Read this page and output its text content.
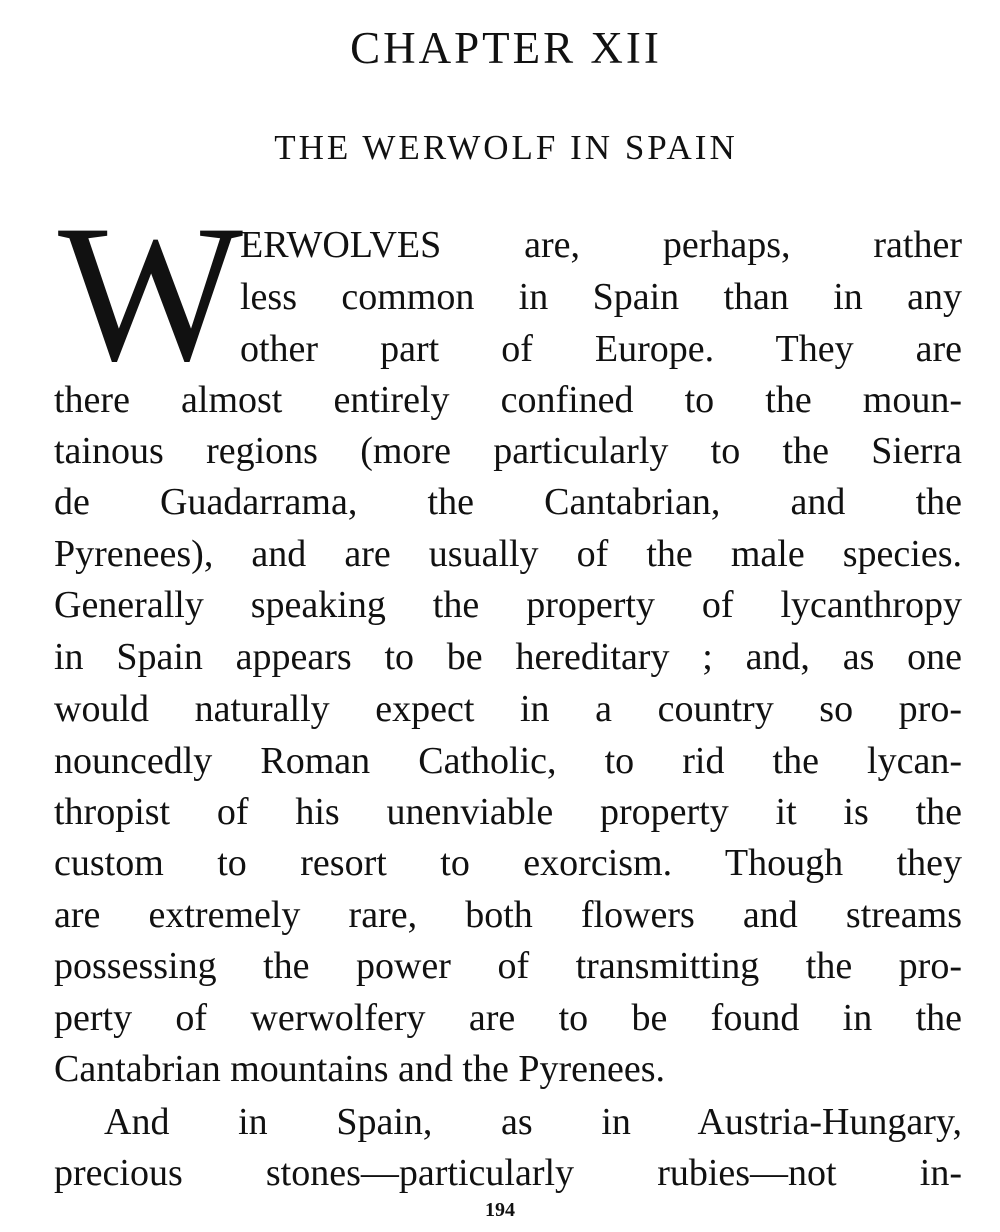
CHAPTER XII
THE WERWOLF IN SPAIN
W ERWOLVES are, perhaps, rather
less common in Spain than in any
other part of Europe. They are
there almost entirely confined to the moun-
tainous regions (more particularly to the Sierra
de Guadarrama, the Cantabrian, and the
Pyrenees), and are usually of the male species.
Generally speaking the property of lycanthropy
in Spain appears to be hereditary ; and, as one
would naturally expect in a country so pro-
nouncedly Roman Catholic, to rid the lycan-
thropist of his unenviable property it is the
custom to resort to exorcism. Though they
are extremely rare, both flowers and streams
possessing the power of transmitting the pro-
perty of werwolfery are to be found in the
Cantabrian mountains and the Pyrenees.
And in Spain, as in Austria-Hungary,
precious stones—particularly rubies—not in-
194
